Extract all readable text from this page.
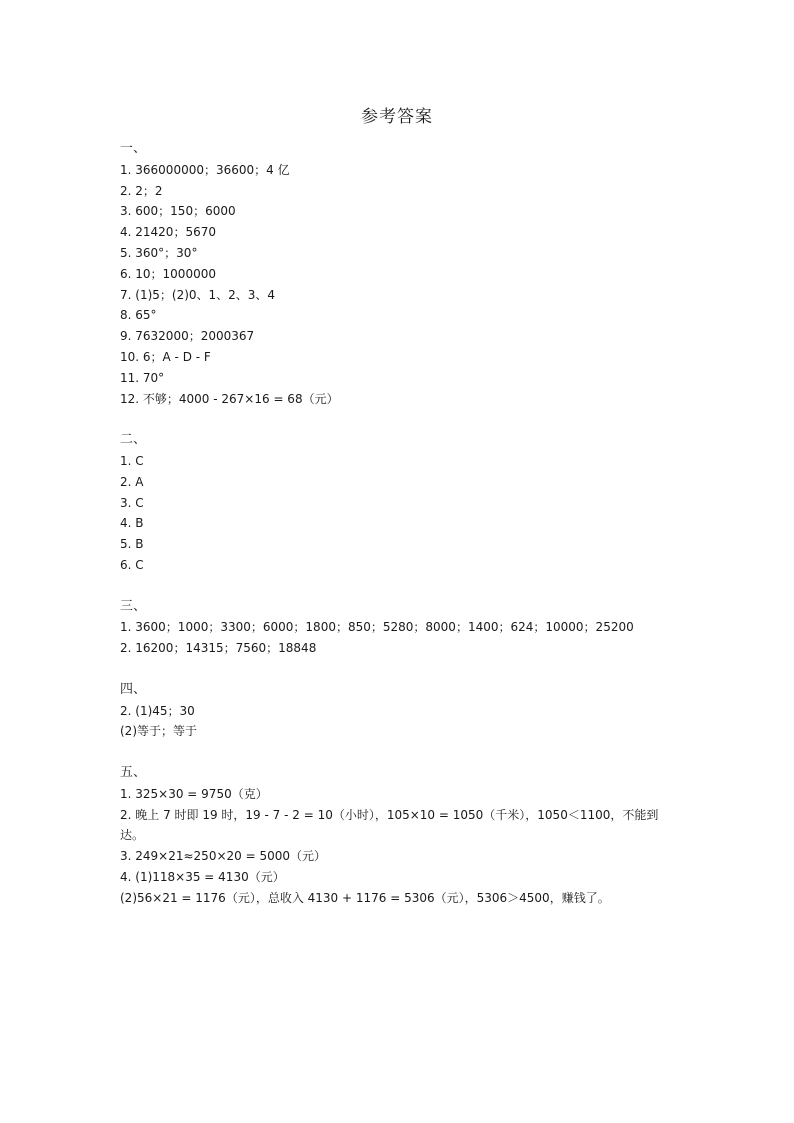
参考答案

一、

1. 366000000；36600；4 亿

2. 2；2

3. 600；150；6000

4. 21420；5670

5. 360°；30°

6. 10；1000000

7. (1)5；(2)0、1、2、3、4

8. 65°

9. 7632000；2000367

10. 6；A - D - F

11. 70°

12. 不够；4000 - 267×16 = 68（元）

二、

1. C

2. A

3. C

4. B

5. B

6. C

三、

1. 3600；1000；3300；6000；1800；850；5280；8000；1400；624；10000；25200

2. 16200；14315；7560；18848

四、

2. (1)45；30

(2)等于；等于

五、

1. 325×30 = 9750（克）

2. 晚上 7 时即 19 时，19 - 7 - 2 = 10（小时），105×10 = 1050（千米），1050＜1100，不能到

达。

3. 249×21≈250×20 = 5000（元）

4. (1)118×35 = 4130（元）

(2)56×21 = 1176（元），总收入 4130 + 1176 = 5306（元），5306＞4500，赚钱了。
